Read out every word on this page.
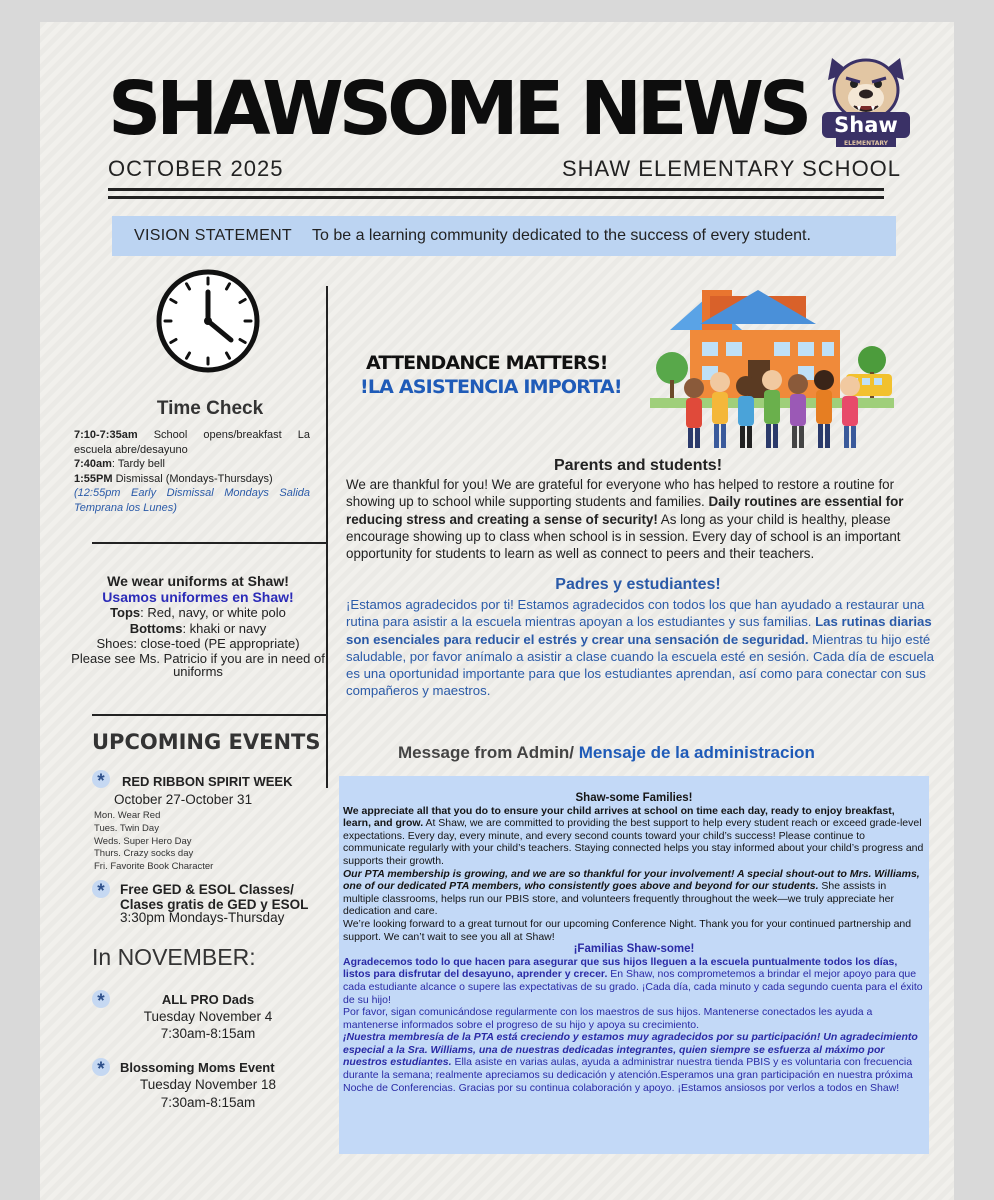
SHAWSOME NEWS
OCTOBER 2025	SHAW ELEMENTARY SCHOOL
Shaw
ELEMENTARY
VISION STATEMENT To be a learning community dedicated to the success of every student.
Time Check
7:10-7:35am School opens/breakfast La escuela abre/desayuno
7:40am: Tardy bell
1:55PM Dismissal (Mondays-Thursdays)
(12:55pm Early Dismissal Mondays Salida Temprana los Lunes)
We wear uniforms at Shaw!
Usamos uniformes en Shaw!
Tops: Red, navy, or white polo
Bottoms: khaki or navy
Shoes: close-toed (PE appropriate)
Please see Ms. Patricio if you are in need of uniforms
UPCOMING EVENTS
*	RED RIBBON SPIRIT WEEK
October 27-October 31
Mon. Wear Red
Tues. Twin Day
Weds. Super Hero Day
Thurs. Crazy socks day
Fri. Favorite Book Character
*	Free GED & ESOL Classes/ Clases gratis de GED y ESOL
3:30pm Mondays-Thursday
In NOVEMBER:
*	ALL PRO Dads
Tuesday November 4
7:30am-8:15am
*	Blossoming Moms Event
Tuesday November 18
7:30am-8:15am
ATTENDANCE MATTERS!
!LA ASISTENCIA IMPORTA!
Parents and students!
We are thankful for you! We are grateful for everyone who has helped to restore a routine for showing up to school while supporting students and families. Daily routines are essential for reducing stress and creating a sense of security! As long as your child is healthy, please encourage showing up to class when school is in session. Every day of school is an important opportunity for students to learn as well as connect to peers and their teachers.
Padres y estudiantes!
¡Estamos agradecidos por ti! Estamos agradecidos con todos los que han ayudado a restaurar una rutina para asistir a la escuela mientras apoyan a los estudiantes y sus familias. Las rutinas diarias son esenciales para reducir el estrés y crear una sensación de seguridad. Mientras tu hijo esté saludable, por favor anímalo a asistir a clase cuando la escuela esté en sesión. Cada día de escuela es una oportunidad importante para que los estudiantes aprendan, así como para conectar con sus compañeros y maestros.
Message from Admin/ Mensaje de la administracion
Shaw-some Families!
We appreciate all that you do to ensure your child arrives at school on time each day, ready to enjoy breakfast, learn, and grow. At Shaw, we are committed to providing the best support to help every student reach or exceed grade-level expectations. Every day, every minute, and every second counts toward your child’s success! Please continue to communicate regularly with your child’s teachers. Staying connected helps you stay informed about your child’s progress and supports their growth.
Our PTA membership is growing, and we are so thankful for your involvement! A special shout-out to Mrs. Williams, one of our dedicated PTA members, who consistently goes above and beyond for our students. She assists in multiple classrooms, helps run our PBIS store, and volunteers frequently throughout the week—we truly appreciate her dedication and care.
We’re looking forward to a great turnout for our upcoming Conference Night. Thank you for your continued partnership and support. We can’t wait to see you all at Shaw!
¡Familias Shaw-some!
Agradecemos todo lo que hacen para asegurar que sus hijos lleguen a la escuela puntualmente todos los días, listos para disfrutar del desayuno, aprender y crecer. En Shaw, nos comprometemos a brindar el mejor apoyo para que cada estudiante alcance o supere las expectativas de su grado. ¡Cada día, cada minuto y cada segundo cuenta para el éxito de su hijo!
Por favor, sigan comunicándose regularmente con los maestros de sus hijos. Mantenerse conectados les ayuda a mantenerse informados sobre el progreso de su hijo y apoya su crecimiento.
¡Nuestra membresía de la PTA está creciendo y estamos muy agradecidos por su participación! Un agradecimiento especial a la Sra. Williams, una de nuestras dedicadas integrantes, quien siempre se esfuerza al máximo por nuestros estudiantes. Ella asiste en varias aulas, ayuda a administrar nuestra tienda PBIS y es voluntaria con frecuencia durante la semana; realmente apreciamos su dedicación y atención.Esperamos una gran participación en nuestra próxima Noche de Conferencias. Gracias por su continua colaboración y apoyo. ¡Estamos ansiosos por verlos a todos en Shaw!
